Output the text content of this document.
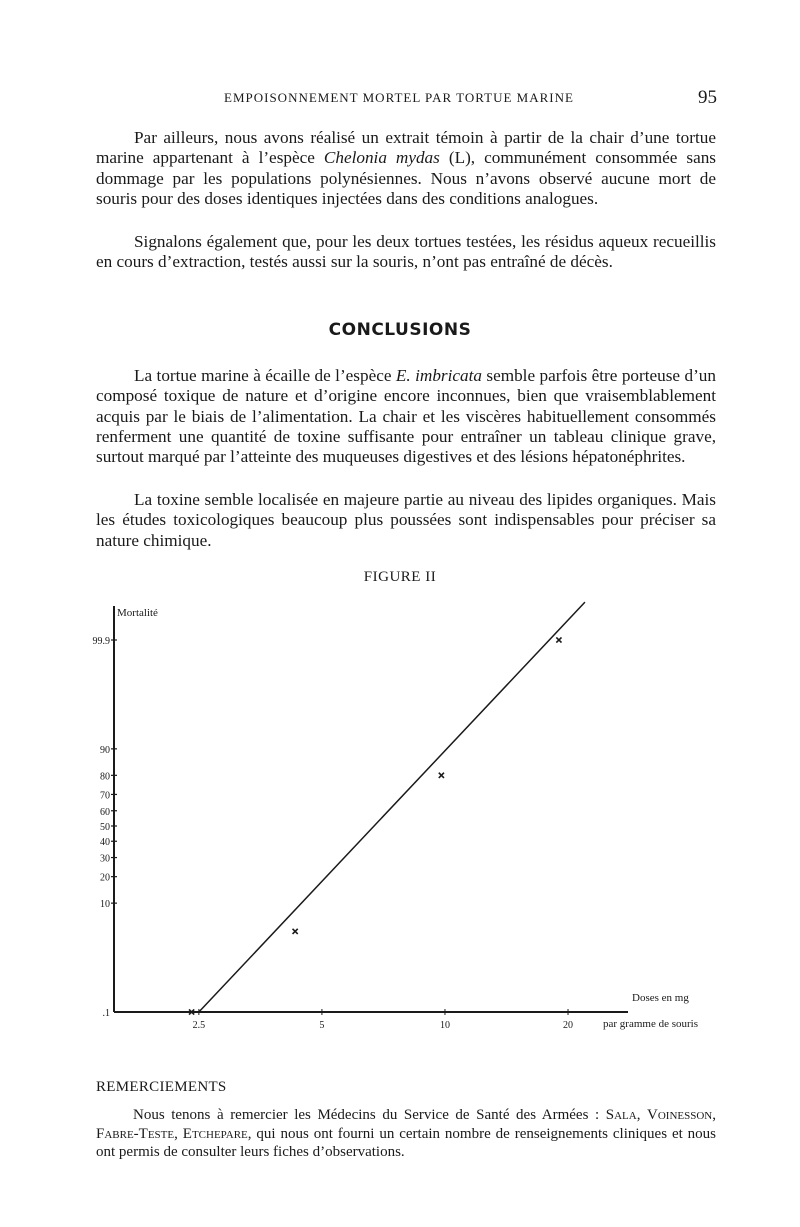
EMPOISONNEMENT MORTEL PAR TORTUE MARINE	95

Par ailleurs, nous avons réalisé un extrait témoin à partir de la chair d’une tortue marine appartenant à l’espèce Chelonia mydas (L), communément consommée sans dommage par les populations polynésiennes. Nous n’avons observé aucune mort de souris pour des doses identiques injectées dans des conditions analogues.

Signalons également que, pour les deux tortues testées, les résidus aqueux recueillis en cours d’extraction, testés aussi sur la souris, n’ont pas entraîné de décès.

CONCLUSIONS

La tortue marine à écaille de l’espèce E. imbricata semble parfois être porteuse d’un composé toxique de nature et d’origine encore inconnues, bien que vraisemblablement acquis par le biais de l’alimentation. La chair et les viscères habituellement consommés renferment une quantité de toxine suffisante pour entraîner un tableau clinique grave, surtout marqué par l’atteinte des muqueuses digestives et des lésions hépatonéphrites.

La toxine semble localisée en majeure partie au niveau des lipides organiques. Mais les études toxicologiques beaucoup plus poussées sont indispensables pour préciser sa nature chimique.

FIGURE II
.1
10
20
30
40
50
60
70
80
90
99.9
2.5	5	10	20
Mortalité
Doses en mg
par gramme de souris
REMERCIEMENTS

Nous tenons à remercier les Médecins du Service de Santé des Armées : Sala, Voinesson, Fabre-Teste, Etchepare, qui nous ont fourni un certain nombre de renseignements cliniques et nous ont permis de consulter leurs fiches d’observations.
